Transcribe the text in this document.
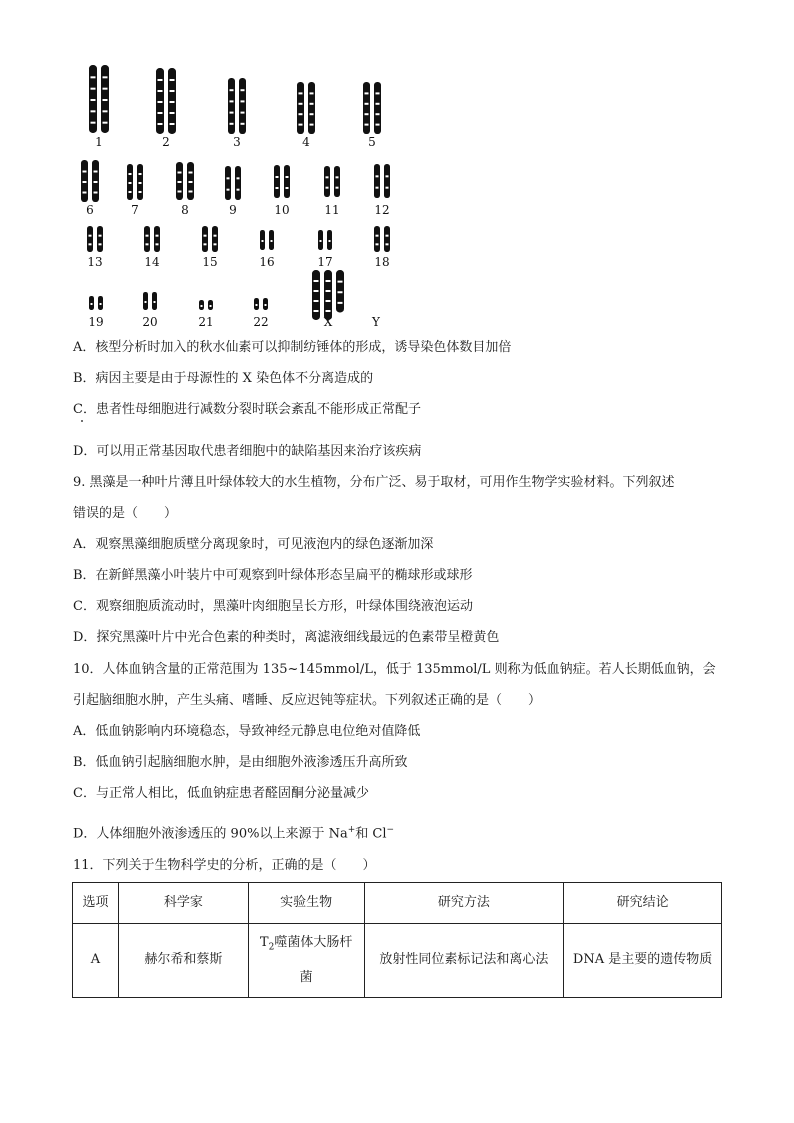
1	2	3	4	5
6	7	8	9	10	11	12
13	14	15	16	17	18
19	20	21	22	X	Y
A．核型分析时加入的秋水仙素可以抑制纺锤体的形成，诱导染色体数目加倍
B．病因主要是由于母源性的 X 染色体不分离造成的
C．患者性母细胞进行减数分裂时联会紊乱不能形成正常配子
D．可以用正常基因取代患者细胞中的缺陷基因来治疗该疾病
9. 黑藻是一种叶片薄且叶绿体较大的水生植物，分布广泛、易于取材，可用作生物学实验材料。下列叙述
错误的是（　　）
A．观察黑藻细胞质壁分离现象时，可见液泡内的绿色逐渐加深
B．在新鲜黑藻小叶装片中可观察到叶绿体形态呈扁平的椭球形或球形
C．观察细胞质流动时，黑藻叶肉细胞呈长方形，叶绿体围绕液泡运动
D．探究黑藻叶片中光合色素的种类时，离滤液细线最远的色素带呈橙黄色
10．人体血钠含量的正常范围为 135~145mmol/L，低于 135mmol/L 则称为低血钠症。若人长期低血钠，会
引起脑细胞水肿，产生头痛、嗜睡、反应迟钝等症状。下列叙述正确的是（　　）
A．低血钠影响内环境稳态，导致神经元静息电位绝对值降低
B．低血钠引起脑细胞水肿，是由细胞外液渗透压升高所致
C．与正常人相比，低血钠症患者醛固酮分泌量减少
D．人体细胞外液渗透压的 90%以上来源于 Na+和 Cl−
11．下列关于生物科学史的分析，正确的是（　　）
选项	科学家	实验生物	研究方法	研究结论
A	赫尔希和蔡斯	$T_2$噬菌体大肠杆菌	放射性同位素标记法和离心法	DNA 是主要的遗传物质
